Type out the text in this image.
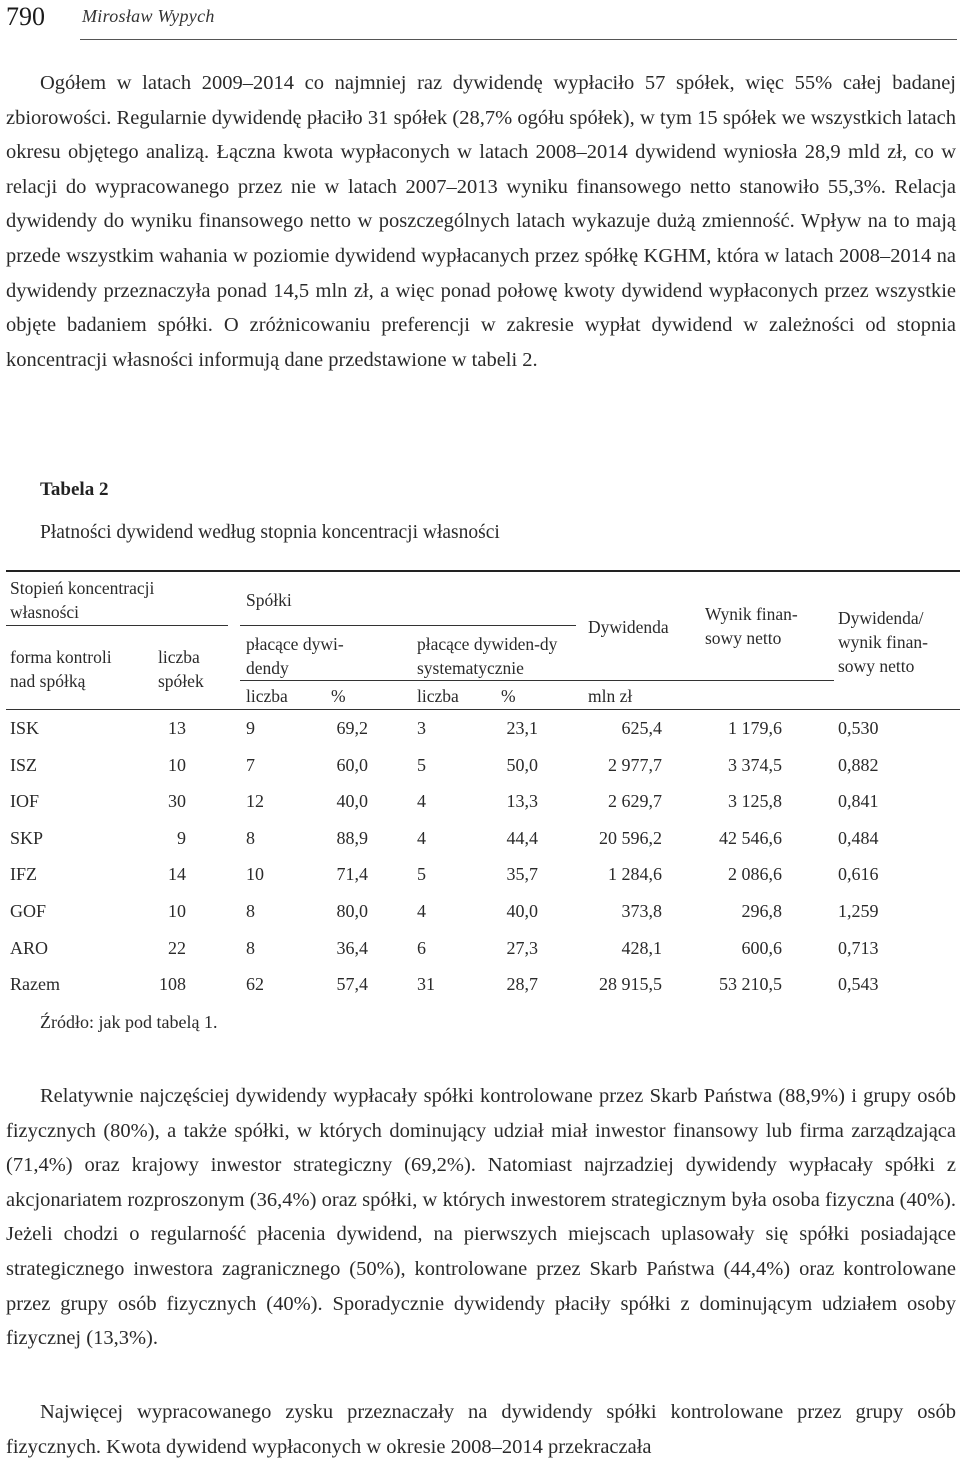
790 Mirosław Wypych

Ogółem w latach 2009–2014 co najmniej raz dywidendę wypłaciło 57 spółek, więc 55% całej badanej zbiorowości. Regularnie dywidendę płaciło 31 spółek (28,7% ogółu spółek), w tym 15 spółek we wszystkich latach okresu objętego analizą. Łączna kwota wypłaconych w latach 2008–2014 dywidend wyniosła 28,9 mld zł, co w relacji do wypracowanego przez nie w latach 2007–2013 wyniku finansowego netto stanowiło 55,3%. Relacja dywidendy do wyniku finansowego netto w poszczególnych latach wykazuje dużą zmienność. Wpływ na to mają przede wszystkim wahania w poziomie dywidend wypłacanych przez spółkę KGHM, która w latach 2008–2014 na dywidendy przeznaczyła ponad 14,5 mln zł, a więc ponad połowę kwoty dywidend wypłaconych przez wszystkie objęte badaniem spółki. O zróżnicowaniu preferencji w zakresie wypłat dywidend w zależności od stopnia koncentracji własności informują dane przedstawione w tabeli 2.

Tabela 2
Płatności dywidend według stopnia koncentracji własności
Stopień koncentracji własności
forma kontroli nad spółką
liczba spółek
Spółki
płacące dywi-dendy
płacące dywiden-dy systematycznie
Dywidenda
Wynik finan-sowy netto
Dywidenda/ wynik finan-sowy netto
liczba %	liczba %	mln zł
ISK	13	9	69,2	3	23,1	625,4	1 179,6	0,530
ISZ	10	7	60,0	5	50,0	2 977,7	3 374,5	0,882
IOF	30	12	40,0	4	13,3	2 629,7	3 125,8	0,841
SKP	9	8	88,9	4	44,4	20 596,2	42 546,6	0,484
IFZ	14	10	71,4	5	35,7	1 284,6	2 086,6	0,616
GOF	10	8	80,0	4	40,0	373,8	296,8	1,259
ARO	22	8	36,4	6	27,3	428,1	600,6	0,713
Razem	108	62	57,4	31	28,7	28 915,5	53 210,5	0,543
Źródło: jak pod tabelą 1.

Relatywnie najczęściej dywidendy wypłacały spółki kontrolowane przez Skarb Państwa (88,9%) i grupy osób fizycznych (80%), a także spółki, w których dominujący udział miał inwestor finansowy lub firma zarządzająca (71,4%) oraz krajowy inwestor strategiczny (69,2%). Natomiast najrzadziej dywidendy wypłacały spółki z akcjonariatem rozproszonym (36,4%) oraz spółki, w których inwestorem strategicznym była osoba fizyczna (40%). Jeżeli chodzi o regularność płacenia dywidend, na pierwszych miejscach uplasowały się spółki posiadające strategicznego inwestora zagranicznego (50%), kontrolowane przez Skarb Państwa (44,4%) oraz kontrolowane przez grupy osób fizycznych (40%). Sporadycznie dywidendy płaciły spółki z dominującym udziałem osoby fizycznej (13,3%).

Najwięcej wypracowanego zysku przeznaczały na dywidendy spółki kontrolowane przez grupy osób fizycznych. Kwota dywidend wypłaconych w okresie 2008–2014 przekraczała
